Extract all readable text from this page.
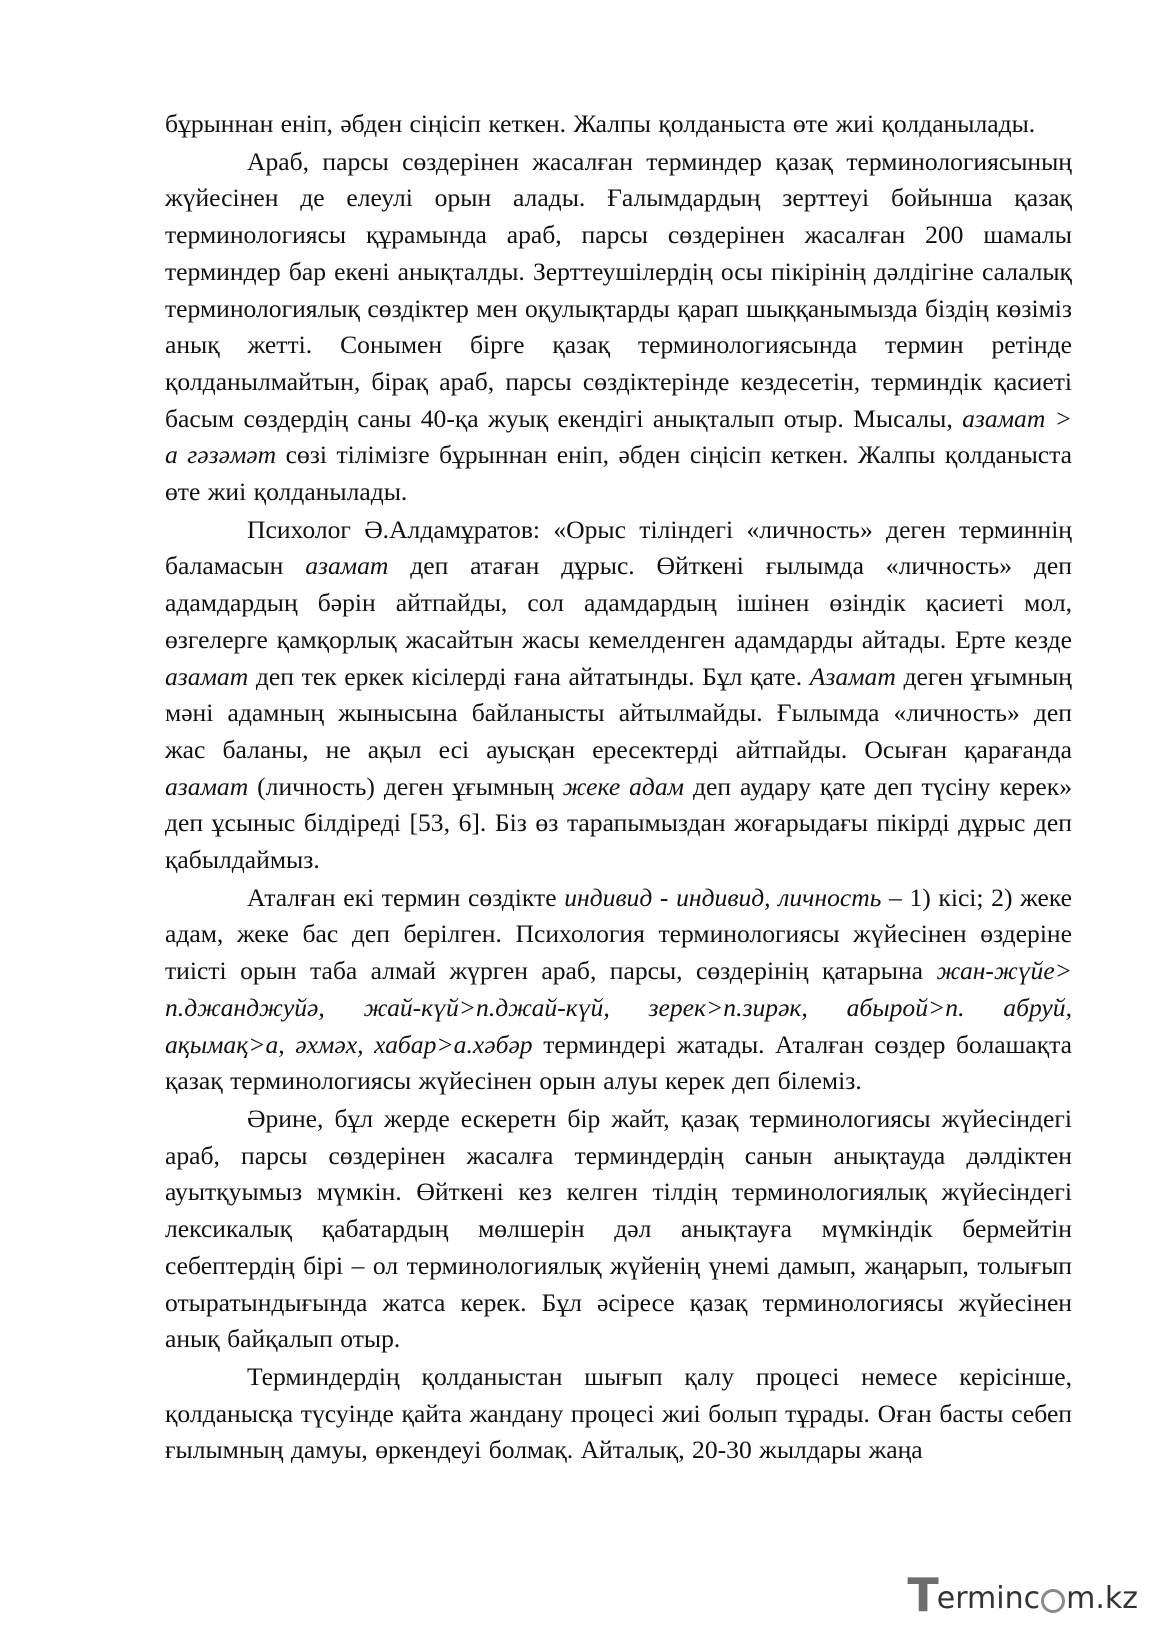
бұрыннан еніп, әбден сіңісіп кеткен. Жалпы қолданыста өте жиі қолданылады.

Араб, парсы сөздерінен жасалған терминдер қазақ терминологиясының жүйесінен де елеулі орын алады. Ғалымдардың зерттеуі бойынша қазақ терминологиясы құрамында араб, парсы сөздерінен жасалған 200 шамалы терминдер бар екені анықталды. Зерттеушілердің осы пікірінің дәлдігіне салалық терминологиялық сөздіктер мен оқулықтарды қарап шыққанымызда біздің көзіміз анық жетті. Сонымен бірге қазақ терминологиясында термин ретінде қолданылмайтын, бірақ араб, парсы сөздіктерінде кездесетін, терминдік қасиеті басым сөздердің саны 40-қа жуық екендігі анықталып отыр. Мысалы, азамат > а гәзәмәт сөзі тілімізге бұрыннан еніп, әбден сіңісіп кеткен. Жалпы қолданыста өте жиі қолданылады.

Психолог Ә.Алдамұратов: «Орыс тіліндегі «личность» деген терминнің баламасын азамат деп атаған дұрыс. Өйткені ғылымда «личность» деп адамдардың бәрін айтпайды, сол адамдардың ішінен өзіндік қасиеті мол, өзгелерге қамқорлық жасайтын жасы кемелденген адамдарды айтады. Ерте кезде азамат деп тек еркек кісілерді ғана айтатынды. Бұл қате. Азамат деген ұғымның мәні адамның жынысына байланысты айтылмайды. Ғылымда «личность» деп жас баланы, не ақыл есі ауысқан ересектерді айтпайды. Осыған қарағанда азамат (личность) деген ұғымның жеке адам деп аудару қате деп түсіну керек» деп ұсыныс білдіреді [53, 6]. Біз өз тарапымыздан жоғарыдағы пікірді дұрыс деп қабылдаймыз.

Аталған екі термин сөздікте индивид - индивид, личность – 1) кісі; 2) жеке адам, жеке бас деп берілген. Психология терминологиясы жүйесінен өздеріне тиісті орын таба алмай жүрген араб, парсы, сөздерінің қатарына жан-жүйе> п.джанджуйә, жай-күй>п.джай-күй, зерек>п.зирәк, абырой>п. абруй, ақымақ>а, әхмәх, хабар>а.хәбәр терминдері жатады. Аталған сөздер болашақта қазақ терминологиясы жүйесінен орын алуы керек деп білеміз.

Әрине, бұл жерде ескеретн бір жайт, қазақ терминологиясы жүйесіндегі араб, парсы сөздерінен жасалға терминдердің санын анықтауда дәлдіктен ауытқуымыз мүмкін. Өйткені кез келген тілдің терминологиялық жүйесіндегі лексикалық қабатардың мөлшерін дәл анықтауға мүмкіндік бермейтін себептердің бірі – ол терминологиялық жүйенің үнемі дамып, жаңарып, толығып отыратындығында жатса керек. Бұл әсіресе қазақ терминологиясы жүйесінен анық байқалып отыр.

Терминдердің қолданыстан шығып қалу процесі немесе керісінше, қолданысқа түсуінде қайта жандану процесі жиі болып тұрады. Оған басты себеп ғылымның дамуы, өркендеуі болмақ. Айталық, 20-30 жылдары жаңа

T erminc m.kz
